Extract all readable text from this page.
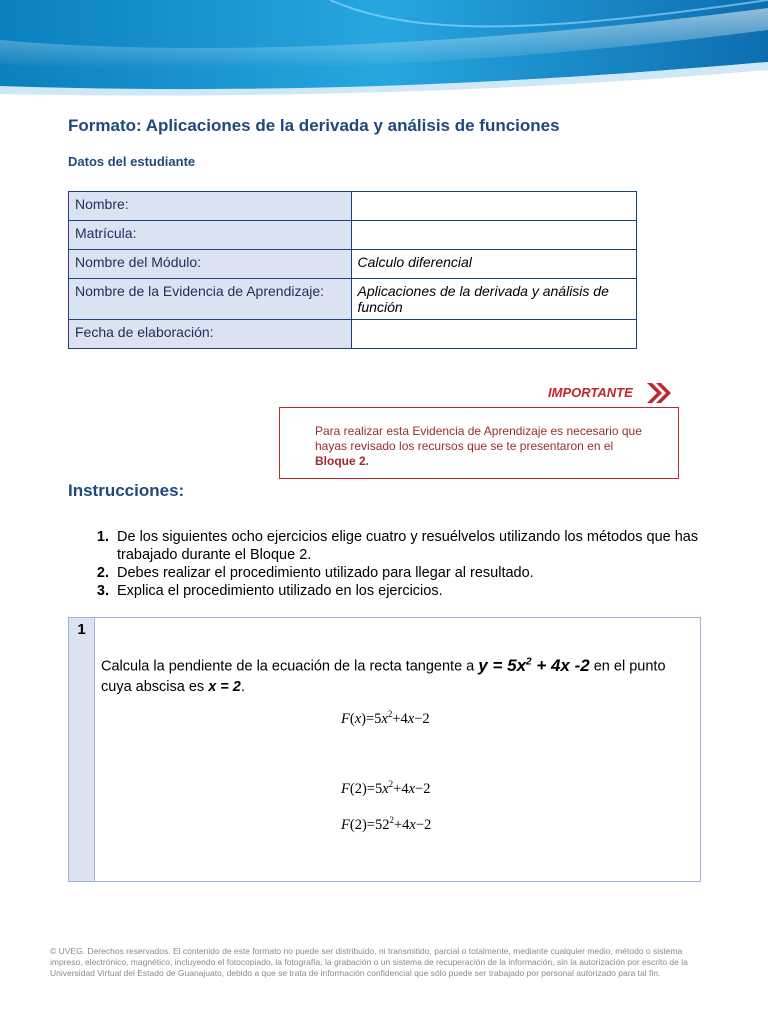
Formato: Aplicaciones de la derivada y análisis de funciones
Datos del estudiante
Nombre:	
Matrícula:	
Nombre del Módulo:	Calculo diferencial
Nombre de la Evidencia de Aprendizaje:	Aplicaciones de la derivada y análisis de función
Fecha de elaboración:	
IMPORTANTE
Para realizar esta Evidencia de Aprendizaje es necesario que hayas revisado los recursos que se te presentaron en el Bloque 2.
Instrucciones:
1. De los siguientes ocho ejercicios elige cuatro y resuélvelos utilizando los métodos que has trabajado durante el Bloque 2.
2. Debes realizar el procedimiento utilizado para llegar al resultado.
3. Explica el procedimiento utilizado en los ejercicios.
1
Calcula la pendiente de la ecuación de la recta tangente a $y = 5x^2 + 4x$ -2 en el punto cuya abscisa es x = 2.
$F(x)=5x^2+4x-2$
$F(2)=5x^2+4x-2$
$F(2)=52^2+4x-2$
© UVEG. Derechos reservados. El contenido de este formato no puede ser distribuido, ni transmitido, parcial o totalmente, mediante cualquier medio, método o sistema impreso, electrónico, magnético, incluyendo el fotocopiado, la fotografía, la grabación o un sistema de recuperación de la información, sin la autorización por escrito de la Universidad Virtual del Estado de Guanajuato, debido a que se trata de información confidencial que sólo puede ser trabajado por personal autorizado para tal fin.
